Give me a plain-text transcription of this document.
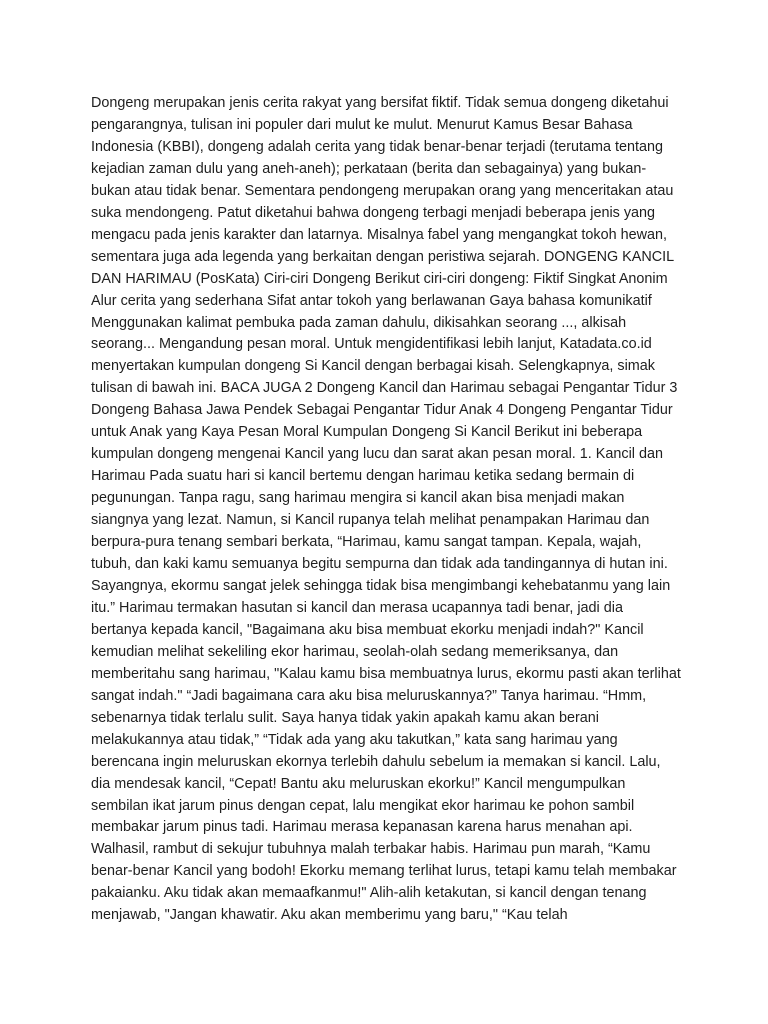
Dongeng merupakan jenis cerita rakyat yang bersifat fiktif. Tidak semua dongeng diketahui pengarangnya, tulisan ini populer dari mulut ke mulut. Menurut Kamus Besar Bahasa Indonesia (KBBI), dongeng adalah cerita yang tidak benar-benar terjadi (terutama tentang kejadian zaman dulu yang aneh-aneh); perkataan (berita dan sebagainya) yang bukan-bukan atau tidak benar. Sementara pendongeng merupakan orang yang menceritakan atau suka mendongeng. Patut diketahui bahwa dongeng terbagi menjadi beberapa jenis yang mengacu pada jenis karakter dan latarnya. Misalnya fabel yang mengangkat tokoh hewan, sementara juga ada legenda yang berkaitan dengan peristiwa sejarah. DONGENG KANCIL DAN HARIMAU (PosKata) Ciri-ciri Dongeng Berikut ciri-ciri dongeng: Fiktif Singkat Anonim Alur cerita yang sederhana Sifat antar tokoh yang berlawanan Gaya bahasa komunikatif Menggunakan kalimat pembuka pada zaman dahulu, dikisahkan seorang ..., alkisah seorang... Mengandung pesan moral. Untuk mengidentifikasi lebih lanjut, Katadata.co.id menyertakan kumpulan dongeng Si Kancil dengan berbagai kisah. Selengkapnya, simak tulisan di bawah ini. BACA JUGA 2 Dongeng Kancil dan Harimau sebagai Pengantar Tidur 3 Dongeng Bahasa Jawa Pendek Sebagai Pengantar Tidur Anak 4 Dongeng Pengantar Tidur untuk Anak yang Kaya Pesan Moral Kumpulan Dongeng Si Kancil Berikut ini beberapa kumpulan dongeng mengenai Kancil yang lucu dan sarat akan pesan moral. 1. Kancil dan Harimau Pada suatu hari si kancil bertemu dengan harimau ketika sedang bermain di pegunungan. Tanpa ragu, sang harimau mengira si kancil akan bisa menjadi makan siangnya yang lezat. Namun, si Kancil rupanya telah melihat penampakan Harimau dan berpura-pura tenang sembari berkata, “Harimau, kamu sangat tampan. Kepala, wajah, tubuh, dan kaki kamu semuanya begitu sempurna dan tidak ada tandingannya di hutan ini. Sayangnya, ekormu sangat jelek sehingga tidak bisa mengimbangi kehebatanmu yang lain itu.” Harimau termakan hasutan si kancil dan merasa ucapannya tadi benar, jadi dia bertanya kepada kancil, "Bagaimana aku bisa membuat ekorku menjadi indah?" Kancil kemudian melihat sekeliling ekor harimau, seolah-olah sedang memeriksanya, dan memberitahu sang harimau, "Kalau kamu bisa membuatnya lurus, ekormu pasti akan terlihat sangat indah." “Jadi bagaimana cara aku bisa meluruskannya?” Tanya harimau. “Hmm, sebenarnya tidak terlalu sulit. Saya hanya tidak yakin apakah kamu akan berani melakukannya atau tidak,” “Tidak ada yang aku takutkan,” kata sang harimau yang berencana ingin meluruskan ekornya terlebih dahulu sebelum ia memakan si kancil. Lalu, dia mendesak kancil, “Cepat! Bantu aku meluruskan ekorku!” Kancil mengumpulkan sembilan ikat jarum pinus dengan cepat, lalu mengikat ekor harimau ke pohon sambil membakar jarum pinus tadi. Harimau merasa kepanasan karena harus menahan api. Walhasil, rambut di sekujur tubuhnya malah terbakar habis. Harimau pun marah, “Kamu benar-benar Kancil yang bodoh! Ekorku memang terlihat lurus, tetapi kamu telah membakar pakaianku. Aku tidak akan memaafkanmu!" Alih-alih ketakutan, si kancil dengan tenang menjawab, "Jangan khawatir. Aku akan memberimu yang baru," “Kau telah
